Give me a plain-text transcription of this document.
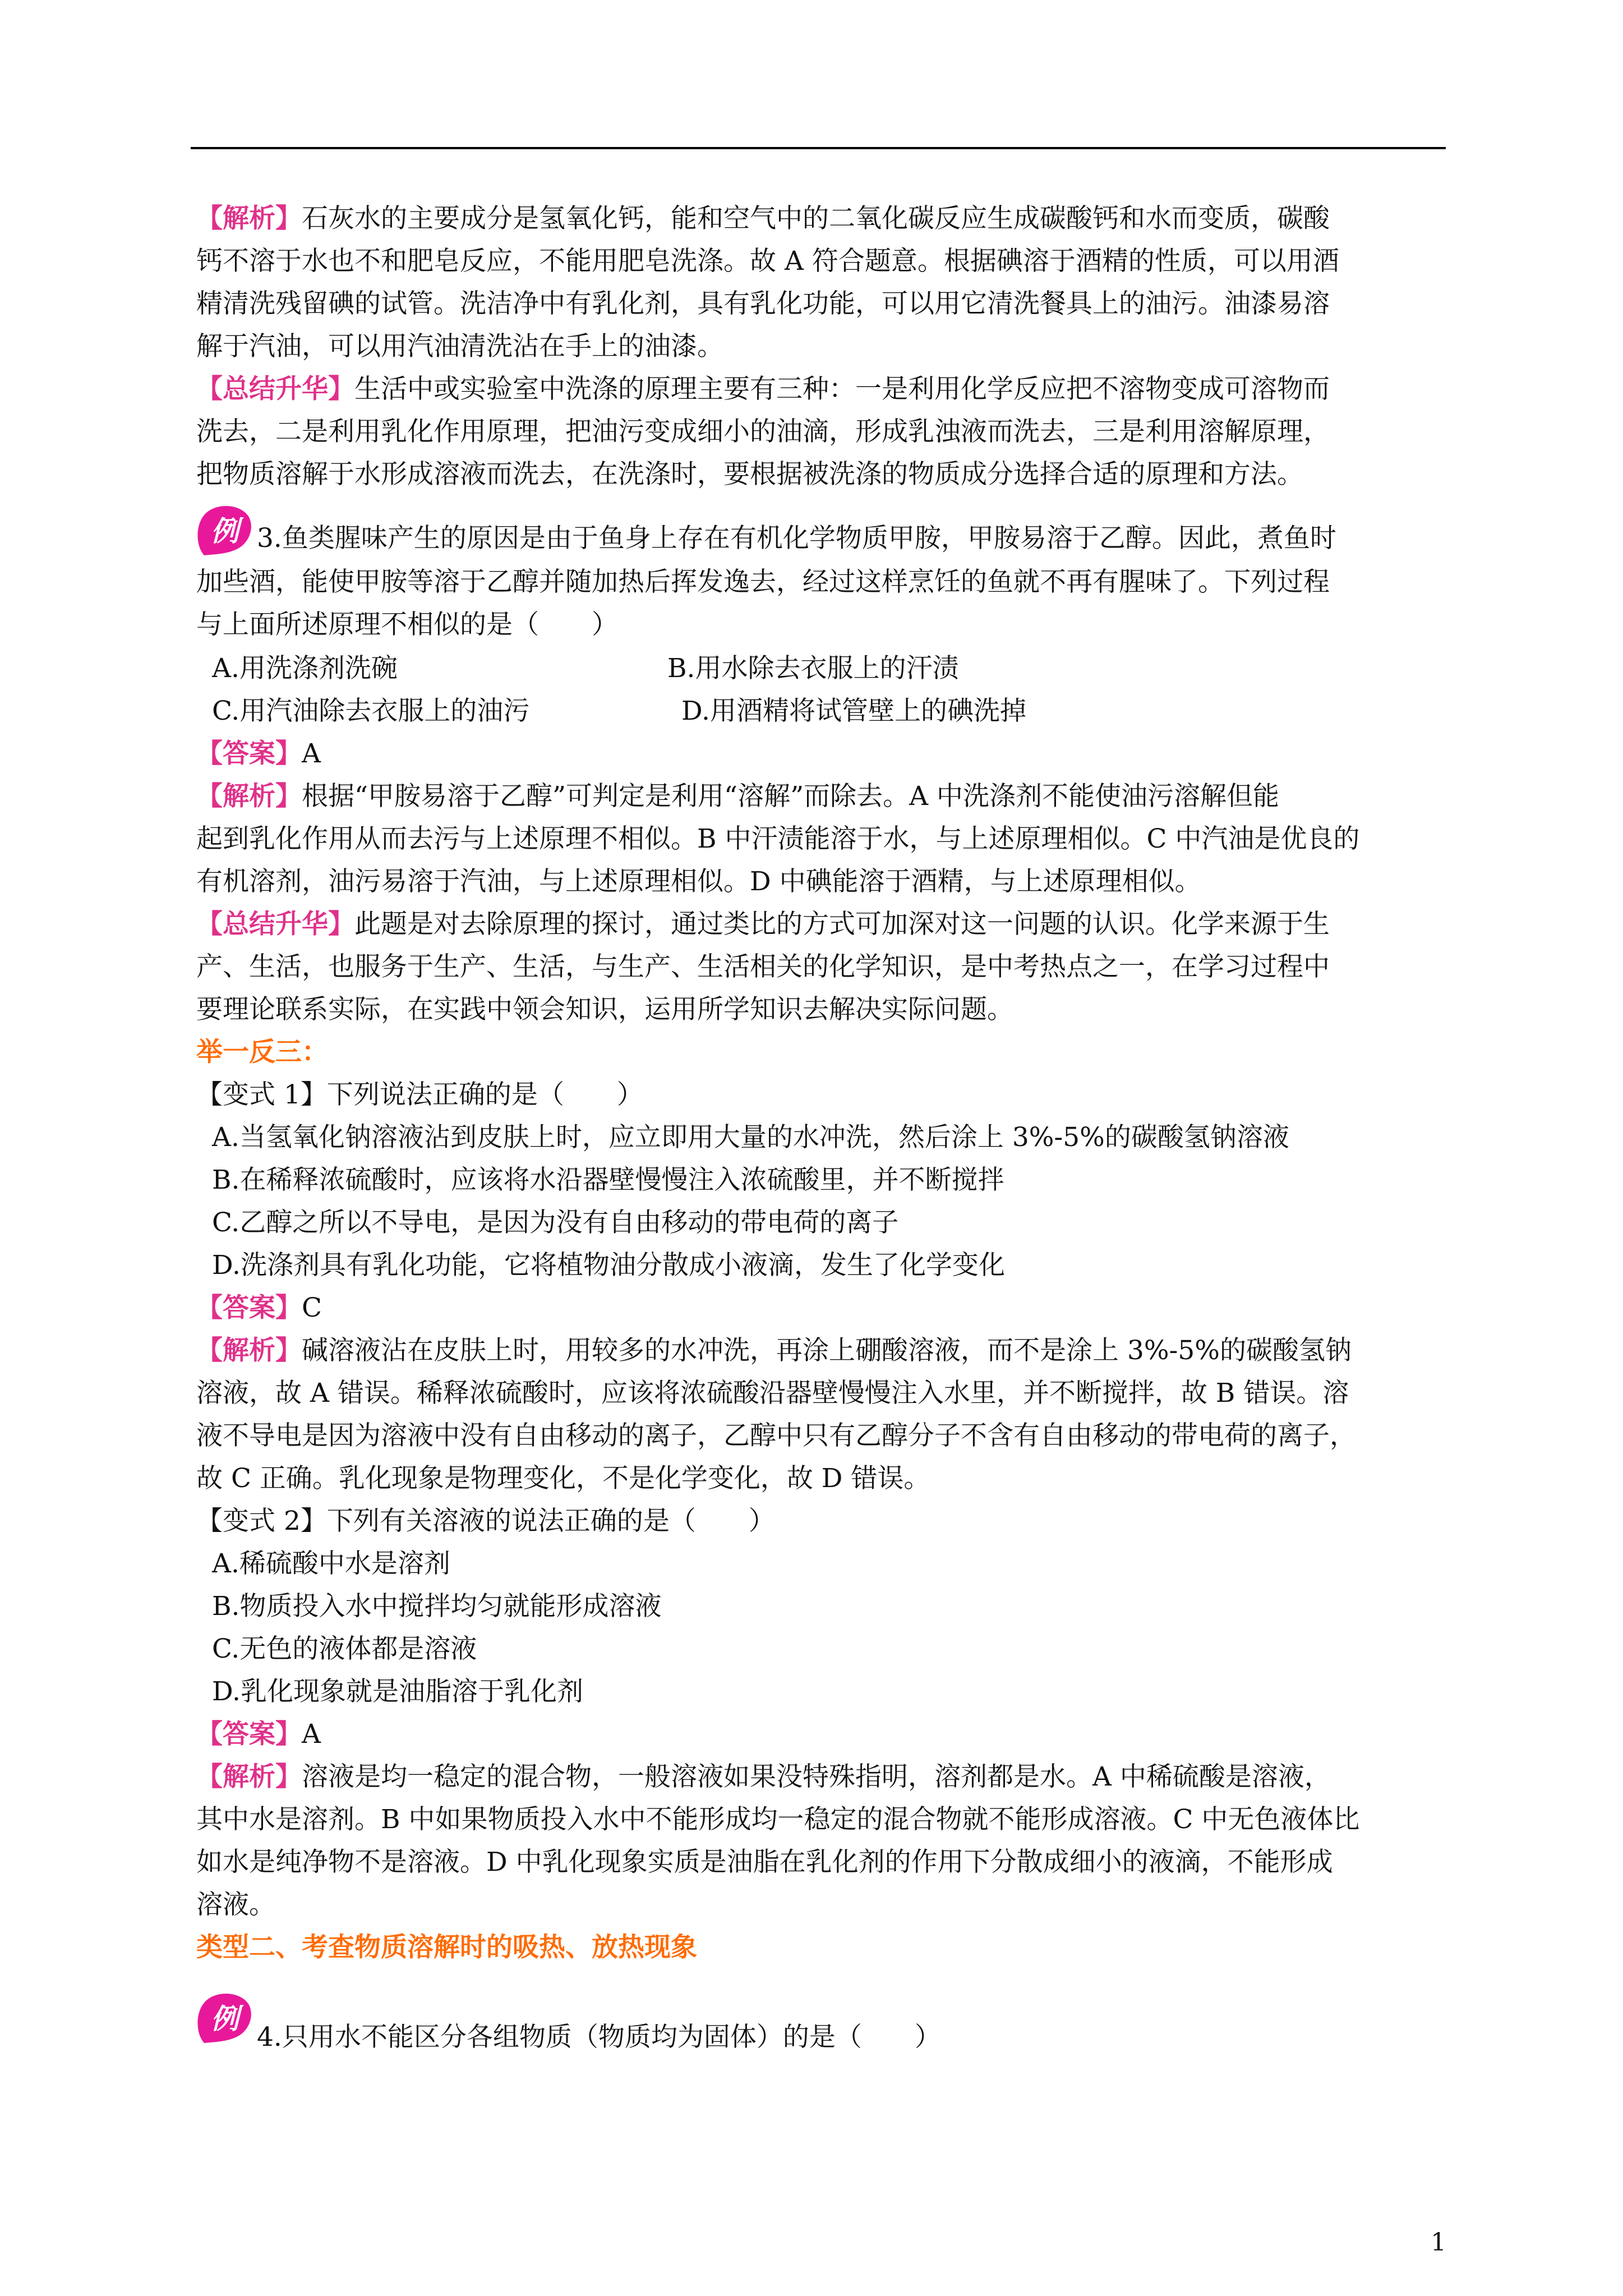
【解析】石灰水的主要成分是氢氧化钙，能和空气中的二氧化碳反应生成碳酸钙和水而变质，碳酸
钙不溶于水也不和肥皂反应，不能用肥皂洗涤。故 A 符合题意。根据碘溶于酒精的性质，可以用酒
精清洗残留碘的试管。洗洁净中有乳化剂，具有乳化功能，可以用它清洗餐具上的油污。油漆易溶
解于汽油，可以用汽油清洗沾在手上的油漆。
【总结升华】生活中或实验室中洗涤的原理主要有三种：一是利用化学反应把不溶物变成可溶物而
洗去，二是利用乳化作用原理，把油污变成细小的油滴，形成乳浊液而洗去，三是利用溶解原理，
把物质溶解于水形成溶液而洗去，在洗涤时，要根据被洗涤的物质成分选择合适的原理和方法。
3.鱼类腥味产生的原因是由于鱼身上存在有机化学物质甲胺，甲胺易溶于乙醇。因此，煮鱼时
加些酒，能使甲胺等溶于乙醇并随加热后挥发逸去，经过这样烹饪的鱼就不再有腥味了。下列过程
与上面所述原理不相似的是（　　）
A.用洗涤剂洗碗	B.用水除去衣服上的汗渍
C.用汽油除去衣服上的油污	D.用酒精将试管壁上的碘洗掉
【答案】A
【解析】根据“甲胺易溶于乙醇”可判定是利用“溶解”而除去。A 中洗涤剂不能使油污溶解但能
起到乳化作用从而去污与上述原理不相似。B 中汗渍能溶于水，与上述原理相似。C 中汽油是优良的
有机溶剂，油污易溶于汽油，与上述原理相似。D 中碘能溶于酒精，与上述原理相似。
【总结升华】此题是对去除原理的探讨，通过类比的方式可加深对这一问题的认识。化学来源于生
产、生活，也服务于生产、生活，与生产、生活相关的化学知识，是中考热点之一，在学习过程中
要理论联系实际，在实践中领会知识，运用所学知识去解决实际问题。
举一反三：
【变式 1】下列说法正确的是（　　）
A.当氢氧化钠溶液沾到皮肤上时，应立即用大量的水冲洗，然后涂上 3%-5%的碳酸氢钠溶液
B.在稀释浓硫酸时，应该将水沿器壁慢慢注入浓硫酸里，并不断搅拌
C.乙醇之所以不导电，是因为没有自由移动的带电荷的离子
D.洗涤剂具有乳化功能，它将植物油分散成小液滴，发生了化学变化
【答案】C
【解析】碱溶液沾在皮肤上时，用较多的水冲洗，再涂上硼酸溶液，而不是涂上 3%-5%的碳酸氢钠
溶液，故 A 错误。稀释浓硫酸时，应该将浓硫酸沿器壁慢慢注入水里，并不断搅拌，故 B 错误。溶
液不导电是因为溶液中没有自由移动的离子，乙醇中只有乙醇分子不含有自由移动的带电荷的离子，
故 C 正确。乳化现象是物理变化，不是化学变化，故 D 错误。
【变式 2】下列有关溶液的说法正确的是（　　）
A.稀硫酸中水是溶剂
B.物质投入水中搅拌均匀就能形成溶液
C.无色的液体都是溶液
D.乳化现象就是油脂溶于乳化剂
【答案】A
【解析】溶液是均一稳定的混合物，一般溶液如果没特殊指明，溶剂都是水。A 中稀硫酸是溶液，
其中水是溶剂。B 中如果物质投入水中不能形成均一稳定的混合物就不能形成溶液。C 中无色液体比
如水是纯净物不是溶液。D 中乳化现象实质是油脂在乳化剂的作用下分散成细小的液滴，不能形成
溶液。
类型二、考查物质溶解时的吸热、放热现象
4.只用水不能区分各组物质（物质均为固体）的是（　　）
例
例
1
